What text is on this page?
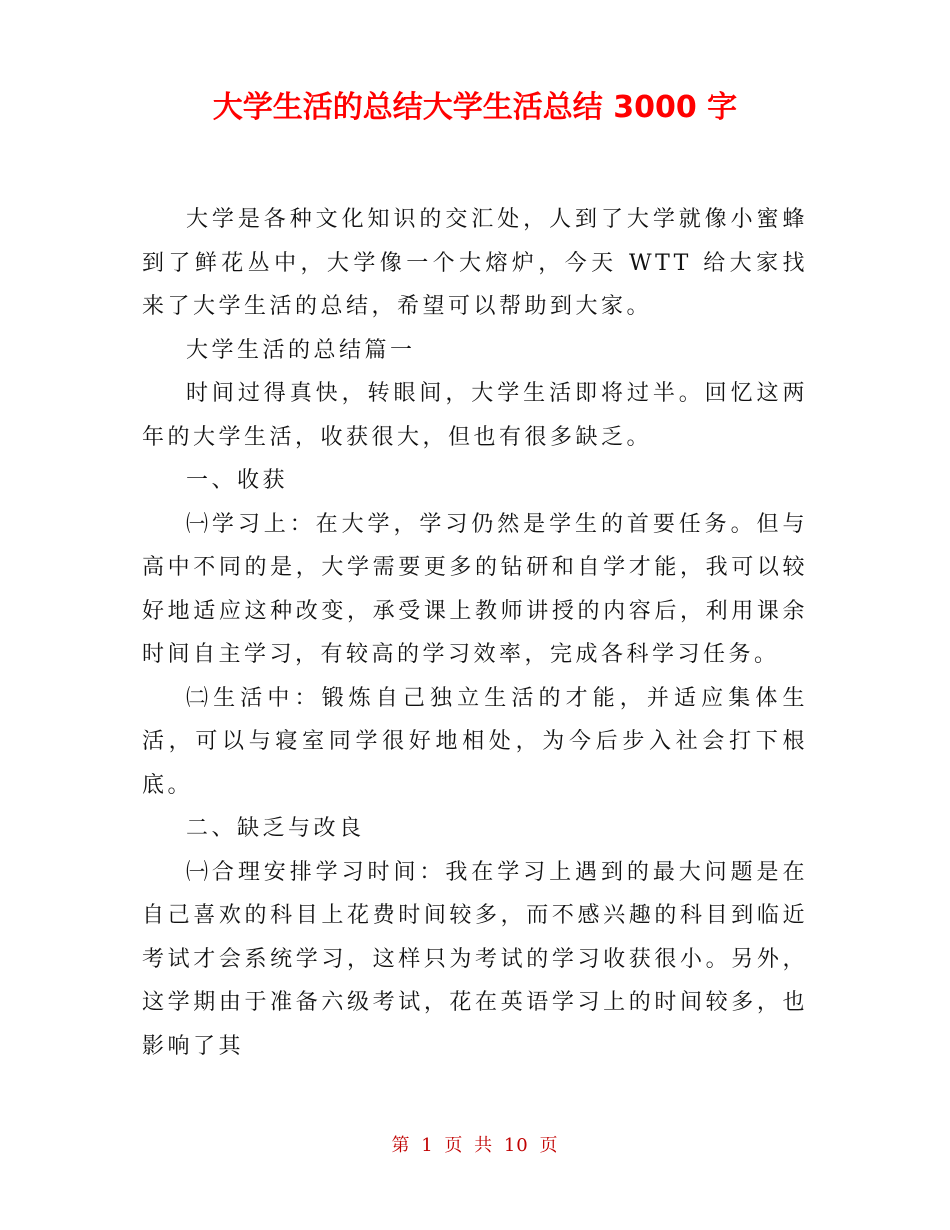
大学生活的总结大学生活总结 3000 字

大学是各种文化知识的交汇处，人到了大学就像小蜜蜂到了鲜花丛中，大学像一个大熔炉，今天 WTT 给大家找来了大学生活的总结，希望可以帮助到大家。

大学生活的总结篇一

时间过得真快，转眼间，大学生活即将过半。回忆这两年的大学生活，收获很大，但也有很多缺乏。

一、收获

㈠学习上：在大学，学习仍然是学生的首要任务。但与高中不同的是，大学需要更多的钻研和自学才能，我可以较好地适应这种改变，承受课上教师讲授的内容后，利用课余时间自主学习，有较高的学习效率，完成各科学习任务。

㈡生活中：锻炼自己独立生活的才能，并适应集体生活，可以与寝室同学很好地相处，为今后步入社会打下根底。

二、缺乏与改良

㈠合理安排学习时间：我在学习上遇到的最大问题是在自己喜欢的科目上花费时间较多，而不感兴趣的科目到临近考试才会系统学习，这样只为考试的学习收获很小。另外，这学期由于准备六级考试，花在英语学习上的时间较多，也影响了其

第 1 页 共 10 页
